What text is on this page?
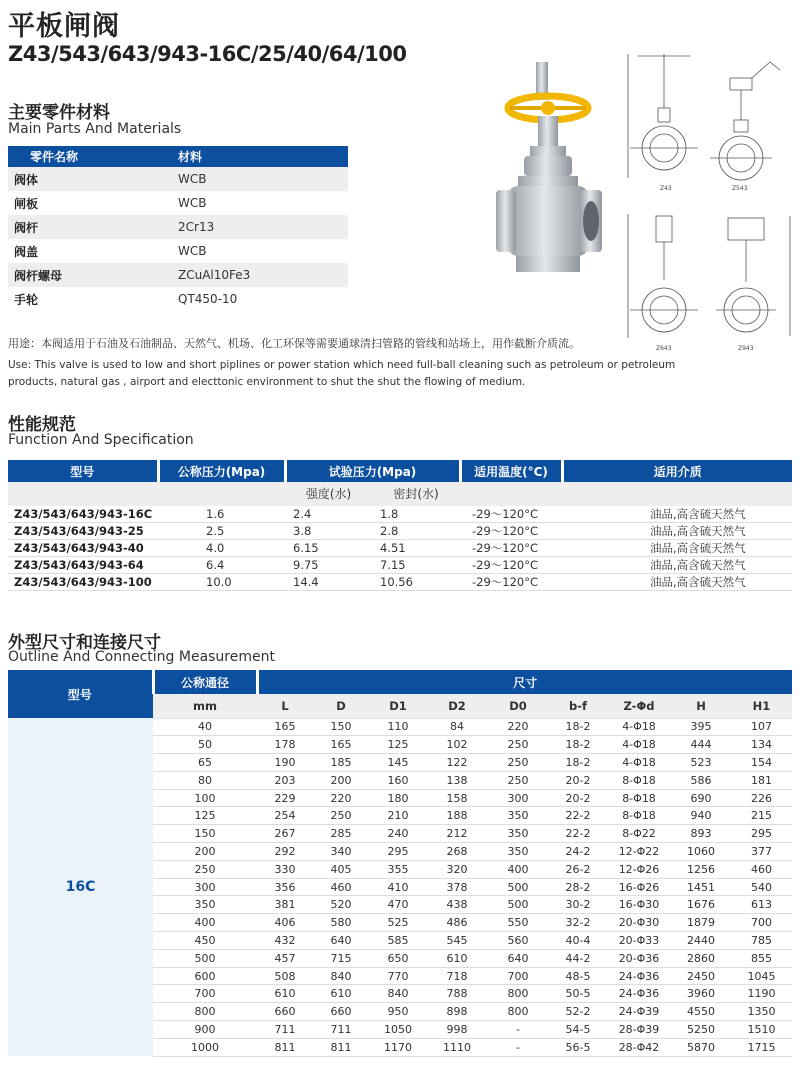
平板闸阀
Z43/543/643/943-16C/25/40/64/100
主要零件材料
Main Parts And Materials
零件名称	材料
阀体	WCB
闸板	WCB
阀杆	2Cr13
阀盖	WCB
阀杆螺母	ZCuAl10Fe3
手轮	QT450-10
Z43	Z543
Z643	Z943
用途：本阀适用于石油及石油制品、天然气、机场、化工环保等需要通球清扫管路的管线和站场上，用作截断介质流。
Use: This valve is used to low and short piplines or power station which need full-ball cleaning such as petroleum or petroleum products, natural gas , airport and electtonic environment to shut the shut the flowing of medium.
性能规范
Function And Specification
型号	公称压力(Mpa)	试验压力(Mpa)		适用温度(°C)	适用介质
		强度(水)	密封(水)		
Z43/543/643/943-16C	1.6	2.4	1.8	-29～120°C	油品,高含硫天然气
Z43/543/643/943-25	2.5	3.8	2.8	-29～120°C	油品,高含硫天然气
Z43/543/643/943-40	4.0	6.15	4.51	-29～120°C	油品,高含硫天然气
Z43/543/643/943-64	6.4	9.75	7.15	-29～120°C	油品,高含硫天然气
Z43/543/643/943-100	10.0	14.4	10.56	-29～120°C	油品,高含硫天然气
外型尺寸和连接尺寸
Outline And Connecting Measurement
型号	公称通径	尺寸								
	mm	L	D	D1	D2	D0	b-f	Z-Φd	H	H1
16C	40	165	150	110	84	220	18-2	4-Φ18	395	107
	50	178	165	125	102	250	18-2	4-Φ18	444	134
	65	190	185	145	122	250	18-2	4-Φ18	523	154
	80	203	200	160	138	250	20-2	8-Φ18	586	181
	100	229	220	180	158	300	20-2	8-Φ18	690	226
	125	254	250	210	188	350	22-2	8-Φ18	940	215
	150	267	285	240	212	350	22-2	8-Φ22	893	295
	200	292	340	295	268	350	24-2	12-Φ22	1060	377
	250	330	405	355	320	400	26-2	12-Φ26	1256	460
	300	356	460	410	378	500	28-2	16-Φ26	1451	540
	350	381	520	470	438	500	30-2	16-Φ30	1676	613
	400	406	580	525	486	550	32-2	20-Φ30	1879	700
	450	432	640	585	545	560	40-4	20-Φ33	2440	785
	500	457	715	650	610	640	44-2	20-Φ36	2860	855
	600	508	840	770	718	700	48-5	24-Φ36	2450	1045
	700	610	610	840	788	800	50-5	24-Φ36	3960	1190
	800	660	660	950	898	800	52-2	24-Φ39	4550	1350
	900	711	711	1050	998	-	54-5	28-Φ39	5250	1510
	1000	811	811	1170	1110	-	56-5	28-Φ42	5870	1715
